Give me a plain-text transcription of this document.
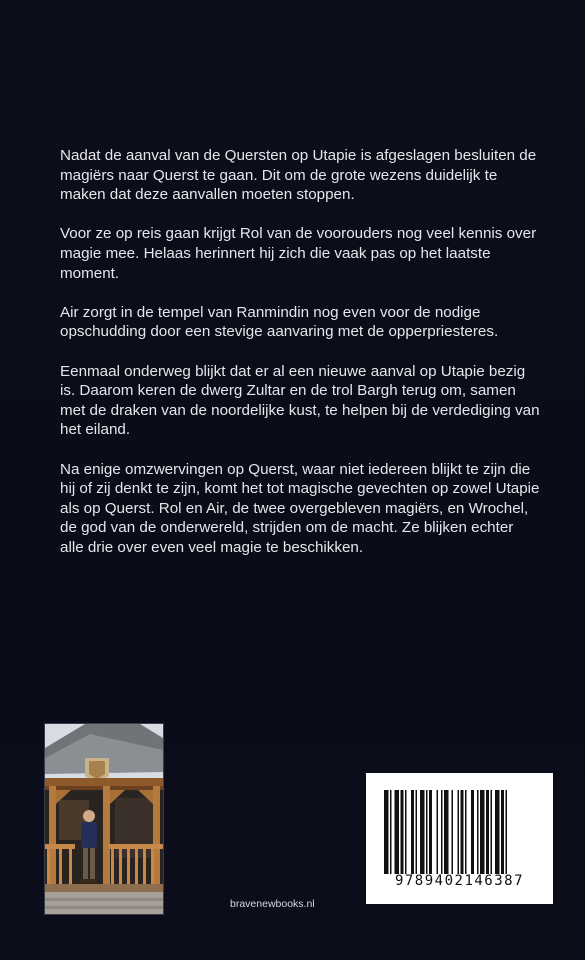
Nadat de aanval van de Quersten op Utapie is afgeslagen besluiten de magiërs naar Querst te gaan. Dit om de grote wezens duidelijk te maken dat deze aanvallen moeten stoppen.

Voor ze op reis gaan krijgt Rol van de voorouders nog veel kennis over magie mee. Helaas herinnert hij zich die vaak pas op het laatste moment.

Air zorgt in de tempel van Ranmindin nog even voor de nodige opschudding door een stevige aanvaring met de opperpriesteres.

Eenmaal onderweg blijkt dat er al een nieuwe aanval op Utapie bezig is. Daarom keren de dwerg Zultar en de trol Bargh terug om, samen met de draken van de noordelijke kust, te helpen bij de verdediging van het eiland.

Na enige omzwervingen op Querst, waar niet iedereen blijkt te zijn die hij of zij denkt te zijn, komt het tot magische gevechten op zowel Utapie als op Querst. Rol en Air, de twee overgebleven magiërs, en Wrochel, de god van de onderwereld, strijden om de macht. Ze blijken echter alle drie over even veel magie te beschikken.

bravenewbooks.nl
9789402146387
